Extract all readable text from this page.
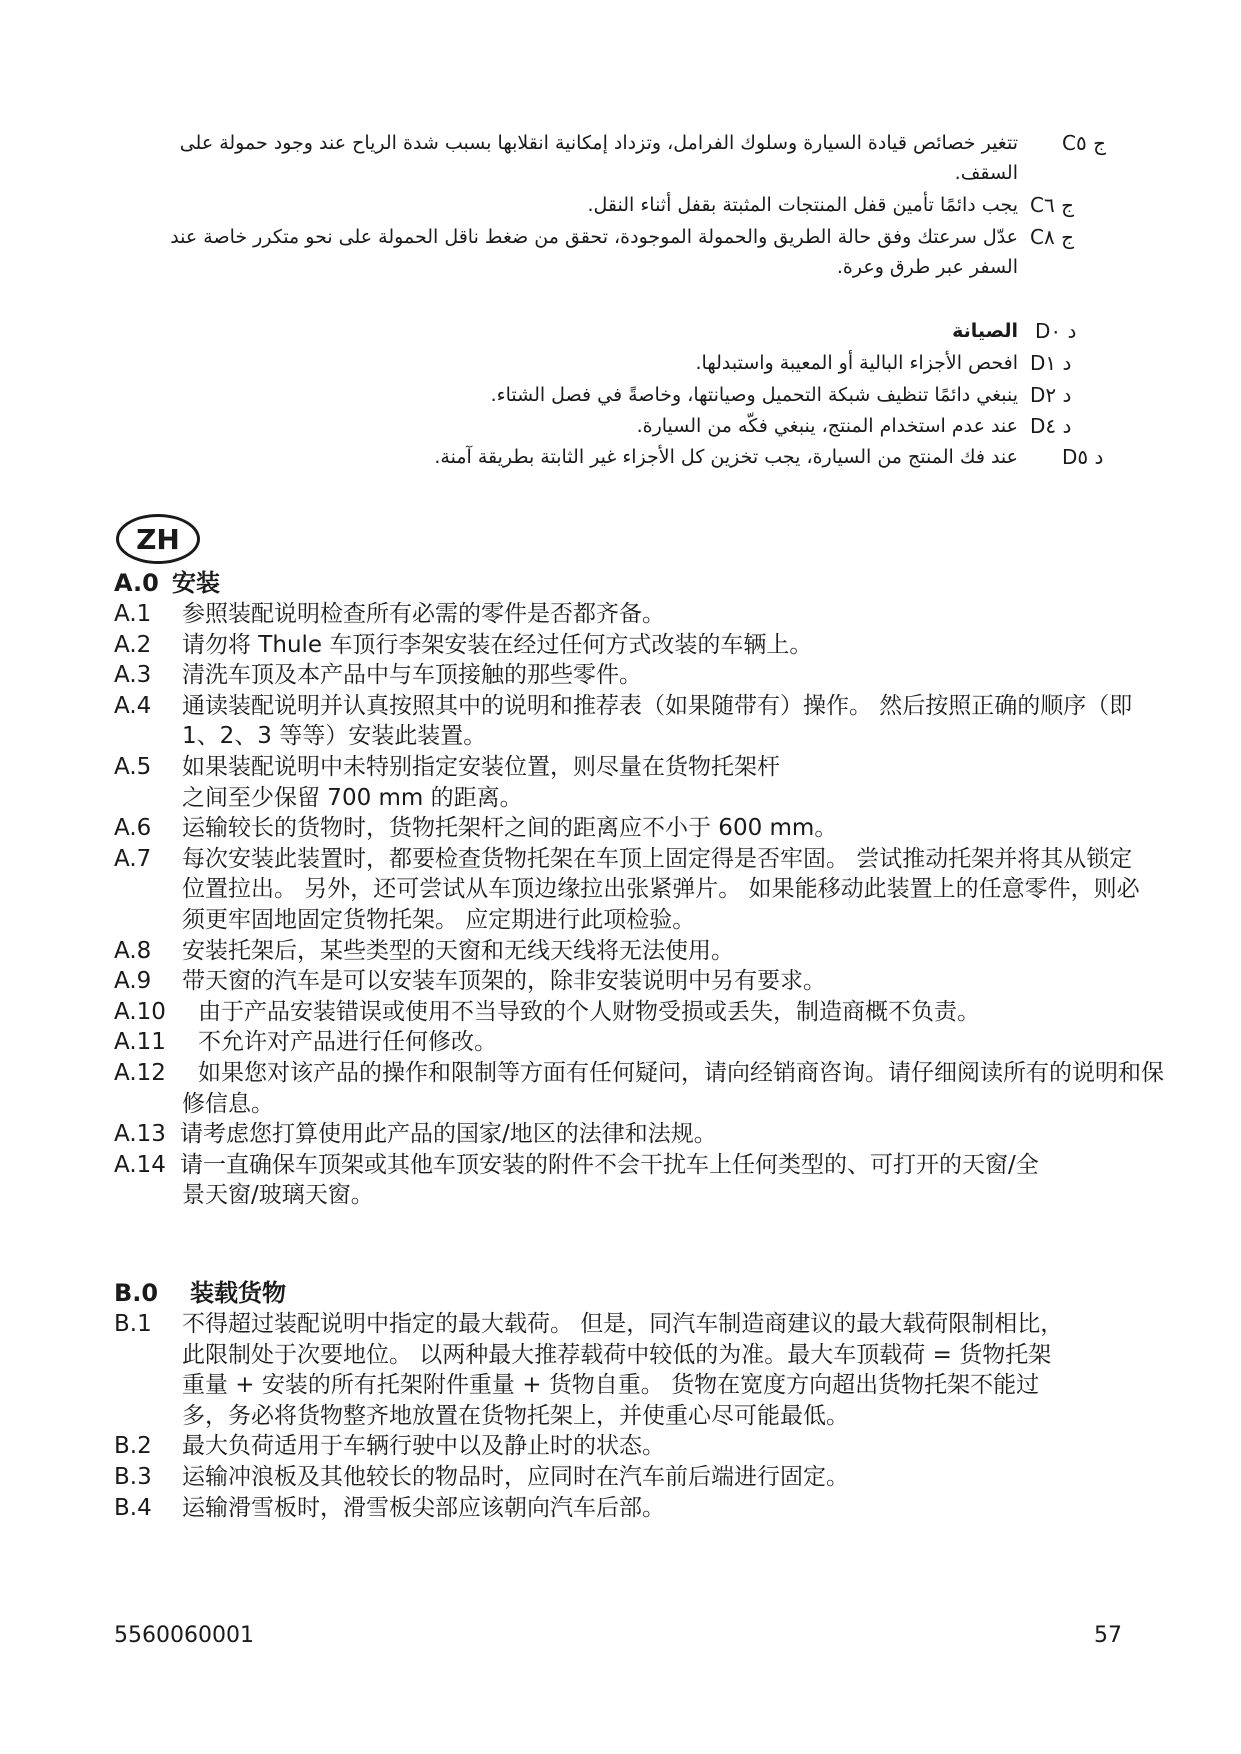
تتغير خصائص قيادة السيارة وسلوك الفرامل، وتزداد إمكانية انقلابها بسبب شدة الرياح عند وجود حمولة على السقف.
Cج ٥
يجب دائمًا تأمين قفل المنتجات المثبتة بقفل أثناء النقل. Cج ٦
عدّل سرعتك وفق حالة الطريق والحمولة الموجودة، تحقق من ضغط ناقل الحمولة على نحو متكرر خاصة عند السفر عبر طرق وعرة.
Cج ٨
الصيانة Dد ٠
افحص الأجزاء البالية أو المعيبة واستبدلها. Dد ١
ينبغي دائمًا تنظيف شبكة التحميل وصيانتها، وخاصةً في فصل الشتاء. Dد ٢
عند عدم استخدام المنتج، ينبغي فكّه من السيارة. Dد ٤
عند فك المنتج من السيارة، يجب تخزين كل الأجزاء غير الثابتة بطريقة آمنة. Dد ٥
ZH
A.0 安装
A.1 参照装配说明检查所有必需的零件是否都齐备。
A.2 请勿将 Thule 车顶行李架安装在经过任何方式改装的车辆上。
A.3 清洗车顶及本产品中与车顶接触的那些零件。
A.4 通读装配说明并认真按照其中的说明和推荐表（如果随带有）操作。 然后按照正确的顺序（即 1、2、3 等等）安装此装置。
A.5 如果装配说明中未特别指定安装位置，则尽量在货物托架杆之间至少保留 700 mm 的距离。
A.6 运输较长的货物时，货物托架杆之间的距离应不小于 600 mm。
A.7 每次安装此装置时，都要检查货物托架在车顶上固定得是否牢固。 尝试推动托架并将其从锁定位置拉出。 另外，还可尝试从车顶边缘拉出张紧弹片。 如果能移动此装置上的任意零件，则必须更牢固地固定货物托架。 应定期进行此项检验。
A.8 安装托架后，某些类型的天窗和无线天线将无法使用。
A.9 带天窗的汽车是可以安装车顶架的，除非安装说明中另有要求。
A.10 由于产品安装错误或使用不当导致的个人财物受损或丢失，制造商概不负责。
A.11 不允许对产品进行任何修改。
A.12 如果您对该产品的操作和限制等方面有任何疑问，请向经销商咨询。请仔细阅读所有的说明和保修信息。
A.13 请考虑您打算使用此产品的国家/地区的法律和法规。
A.14 请一直确保车顶架或其他车顶安装的附件不会干扰车上任何类型的、可打开的天窗/全景天窗/玻璃天窗。
B.0 装载货物
B.1 不得超过装配说明中指定的最大载荷。 但是，同汽车制造商建议的最大载荷限制相比，此限制处于次要地位。 以两种最大推荐载荷中较低的为准。最大车顶载荷 = 货物托架重量 + 安装的所有托架附件重量 + 货物自重。 货物在宽度方向超出货物托架不能过多，务必将货物整齐地放置在货物托架上，并使重心尽可能最低。
B.2 最大负荷适用于车辆行驶中以及静止时的状态。
B.3 运输冲浪板及其他较长的物品时，应同时在汽车前后端进行固定。
B.4 运输滑雪板时，滑雪板尖部应该朝向汽车后部。
5560060001	57
